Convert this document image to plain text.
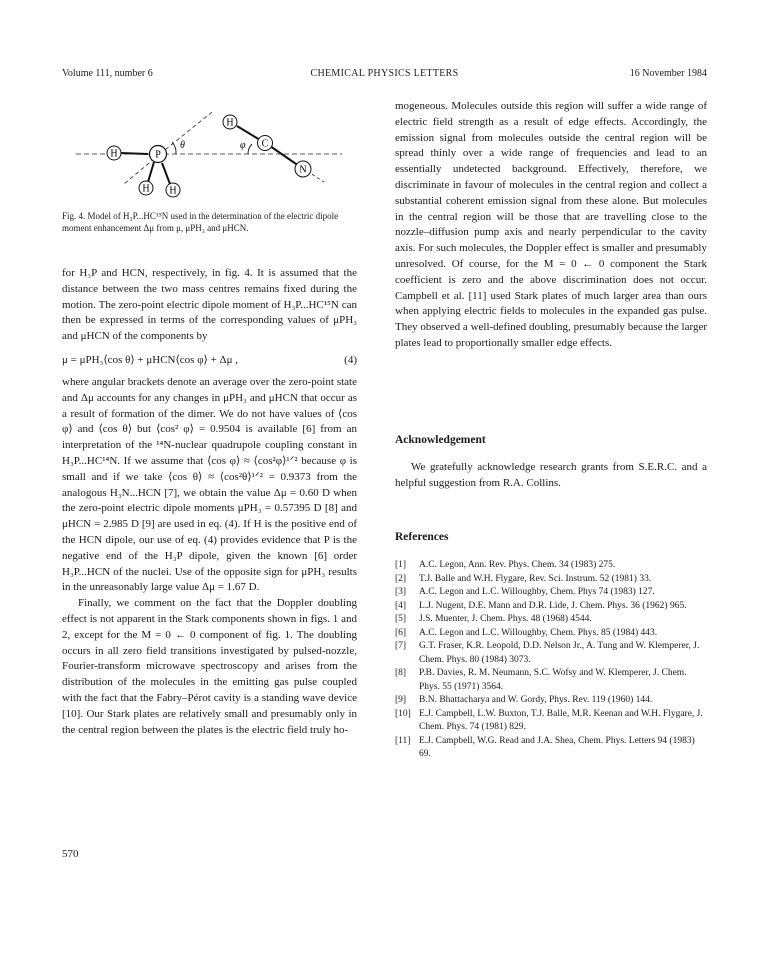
Volume 111, number 6	CHEMICAL PHYSICS LETTERS	16 November 1984
H	P
H
H H
C
N
θ	φ
Fig. 4. Model of H₃P...HC¹⁵N used in the determination of the electric dipole moment enhancement Δμ from μ, μPH₃ and μHCN.

for H₃P and HCN, respectively, in fig. 4. It is assumed that the distance between the two mass centres remains fixed during the motion. The zero-point electric dipole moment of H₃P...HC¹⁵N can then be expressed in terms of the corresponding values of μPH₃ and μHCN of the components by

μ = μPH₃⟨cos θ⟩ + μHCN⟨cos φ⟩ + Δμ ,	(4)

where angular brackets denote an average over the zero-point state and Δμ accounts for any changes in μPH₃ and μHCN that occur as a result of formation of the dimer. We do not have values of ⟨cos φ⟩ and ⟨cos θ⟩ but ⟨cos² φ⟩ = 0.9504 is available [6] from an interpretation of the ¹⁴N-nuclear quadrupole coupling constant in H₃P...HC¹⁴N. If we assume that ⟨cos φ⟩ ≈ ⟨cos²φ⟩¹ᐟ² because φ is small and if we take ⟨cos θ⟩ ≈ ⟨cos²θ⟩¹ᐟ² = 0.9373 from the analogous H₃N...HCN [7], we obtain the value Δμ = 0.60 D when the zero-point electric dipole moments μPH₃ = 0.57395 D [8] and μHCN = 2.985 D [9] are used in eq. (4). If H is the positive end of the HCN dipole, our use of eq. (4) provides evidence that P is the negative end of the H₃P dipole, given the known [6] order H₃P...HCN of the nuclei. Use of the opposite sign for μPH₃ results in the unreasonably large value Δμ = 1.67 D.

Finally, we comment on the fact that the Doppler doubling effect is not apparent in the Stark components shown in figs. 1 and 2, except for the M = 0 ← 0 component of fig. 1. The doubling occurs in all zero field transitions investigated by pulsed-nozzle, Fourier-transform microwave spectroscopy and arises from the distribution of the molecules in the emitting gas pulse coupled with the fact that the Fabry–Pérot cavity is a standing wave device [10]. Our Stark plates are relatively small and presumably only in the central region between the plates is the electric field truly ho-

mogeneous. Molecules outside this region will suffer a wide range of electric field strength as a result of edge effects. Accordingly, the emission signal from molecules outside the central region will be spread thinly over a wide range of frequencies and lead to an essentially undetected background. Effectively, therefore, we discriminate in favour of molecules in the central region and collect a substantial coherent emission signal from these alone. But molecules in the central region will be those that are travelling close to the nozzle–diffusion pump axis and nearly perpendicular to the cavity axis. For such molecules, the Doppler effect is smaller and presumably unresolved. Of course, for the M = 0 ← 0 component the Stark coefficient is zero and the above discrimination does not occur. Campbell et al. [11] used Stark plates of much larger area than ours when applying electric fields to molecules in the expanded gas pulse. They observed a well-defined doubling, presumably because the larger plates lead to proportionally smaller edge effects.

Acknowledgement

We gratefully acknowledge research grants from S.E.R.C. and a helpful suggestion from R.A. Collins.

References
[1] A.C. Legon, Ann. Rev. Phys. Chem. 34 (1983) 275.
[2] T.J. Balle and W.H. Flygare, Rev. Sci. Instrum. 52 (1981) 33.
[3] A.C. Legon and L.C. Willoughby, Chem. Phys 74 (1983) 127.
[4] L.J. Nugent, D.E. Mann and D.R. Lide, J. Chem. Phys. 36 (1962) 965.
[5] J.S. Muenter, J. Chem. Phys. 48 (1968) 4544.
[6] A.C. Legon and L.C. Willoughby, Chem. Phys. 85 (1984) 443.
[7] G.T. Fraser, K.R. Leopold, D.D. Nelson Jr., A. Tung and W. Klemperer, J. Chem. Phys. 80 (1984) 3073.
[8] P.B. Davies, R. M. Neumann, S.C. Wofsy and W. Klemperer, J. Chem. Phys. 55 (1971) 3564.
[9] B.N. Bhattacharya and W. Gordy, Phys. Rev. 119 (1960) 144.
[10] E.J. Campbell, L.W. Buxton, T.J. Balle, M.R. Keenan and W.H. Flygare, J. Chem. Phys. 74 (1981) 829.
[11] E.J. Campbell, W.G. Read and J.A. Shea, Chem. Phys. Letters 94 (1983) 69.
570
